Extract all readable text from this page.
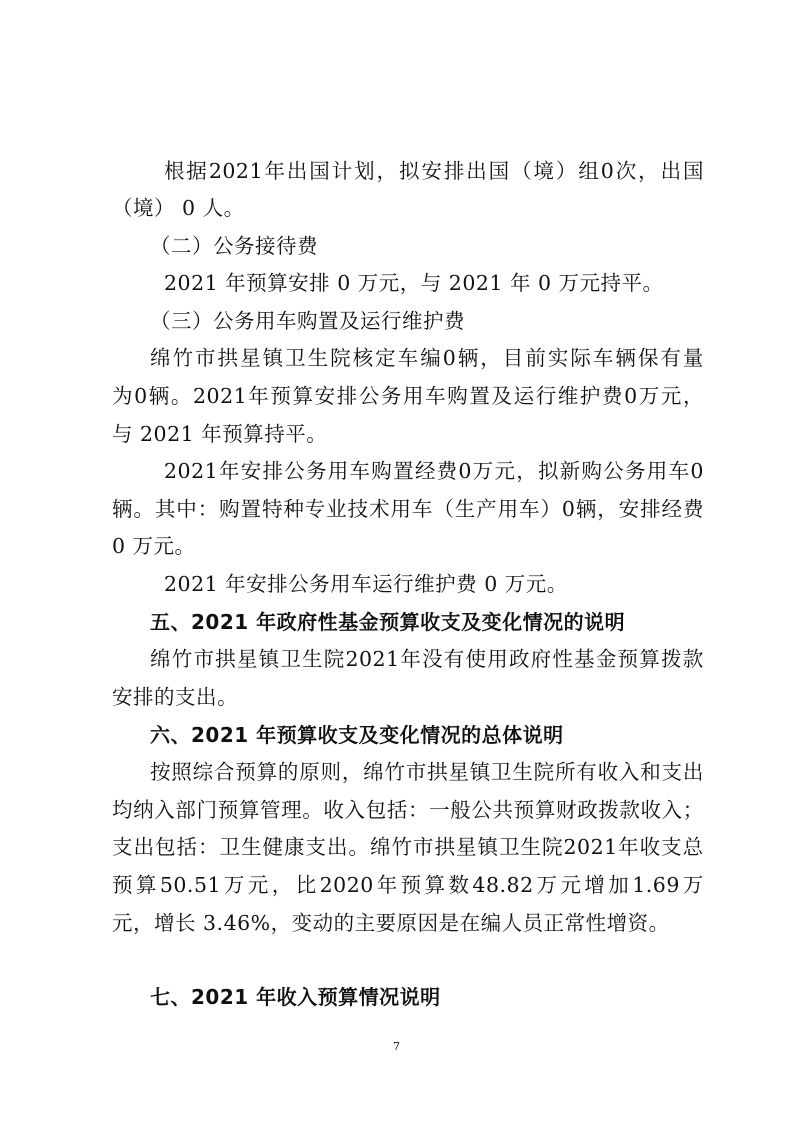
根 据 2021 年 出 国 计 划 ， 拟 安 排 出 国 （ 境 ） 组 0 次 ， 出 国
（境） 0 人。
（二）公务接待费
2021 年预算安排 0 万元，与 2021 年 0 万元持平。
（三）公务用车购置及运行维护费
绵 竹 市 拱 星 镇 卫 生 院 核 定 车 编 0 辆 ， 目 前 实 际 车 辆 保 有 量
为 0 辆 。 2021 年 预 算 安 排 公 务 用 车 购 置 及 运 行 维 护 费 0 万 元 ，
与 2021 年预算持平。
2021 年 安 排 公 务 用 车 购 置 经 费 0 万 元 ， 拟 新 购 公 务 用 车 0
辆 。 其 中 ： 购 置 特 种 专 业 技 术 用 车 （ 生 产 用 车 ） 0 辆 ， 安 排 经 费
0 万元。
2021 年安排公务用车运行维护费 0 万元。
五、2021 年政府性基金预算收支及变化情况的说明
绵 竹 市 拱 星 镇 卫 生 院 2021 年 没 有 使 用 政 府 性 基 金 预 算 拨 款
安排的支出。
六、2021 年预算收支及变化情况的总体说明
按 照 综 合 预 算 的 原 则 ， 绵 竹 市 拱 星 镇 卫 生 院 所 有 收 入 和 支 出
均 纳 入 部 门 预 算 管 理 。 收 入 包 括 ： 一 般 公 共 预 算 财 政 拨 款 收 入 ；
支 出 包 括 ： 卫 生 健 康 支 出 。 绵 竹 市 拱 星 镇 卫 生 院 2021 年 收 支 总
预 算 50.51 万 元 ， 比 2020 年 预 算 数 48.82 万 元 增 加 1.69 万
元，增长 3.46%，变动的主要原因是在编人员正常性增资。
七、2021 年收入预算情况说明
7
